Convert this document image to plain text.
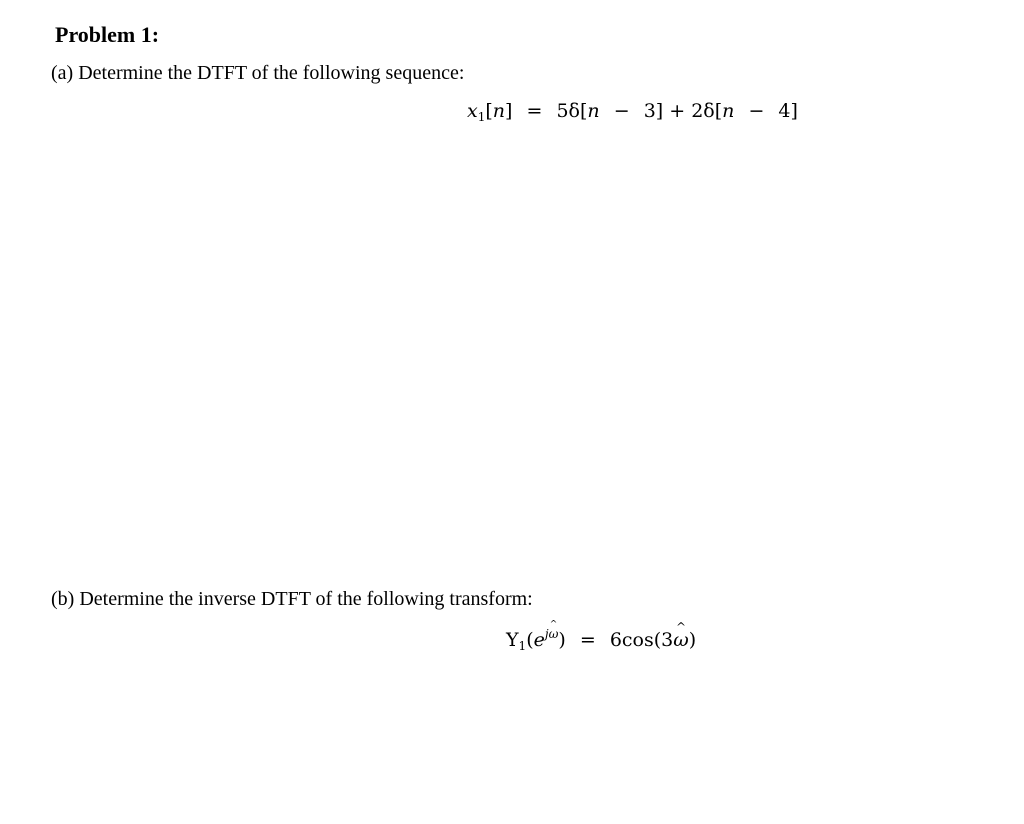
Problem 1:
(a) Determine the DTFT of the following sequence:
$x_1[n] = 5\delta[n - 3] + 2\delta[n - 4]$
(b) Determine the inverse DTFT of the following transform:
$Y_1(e^{j\omega}$ ^) = 6cos(3ω ^)
